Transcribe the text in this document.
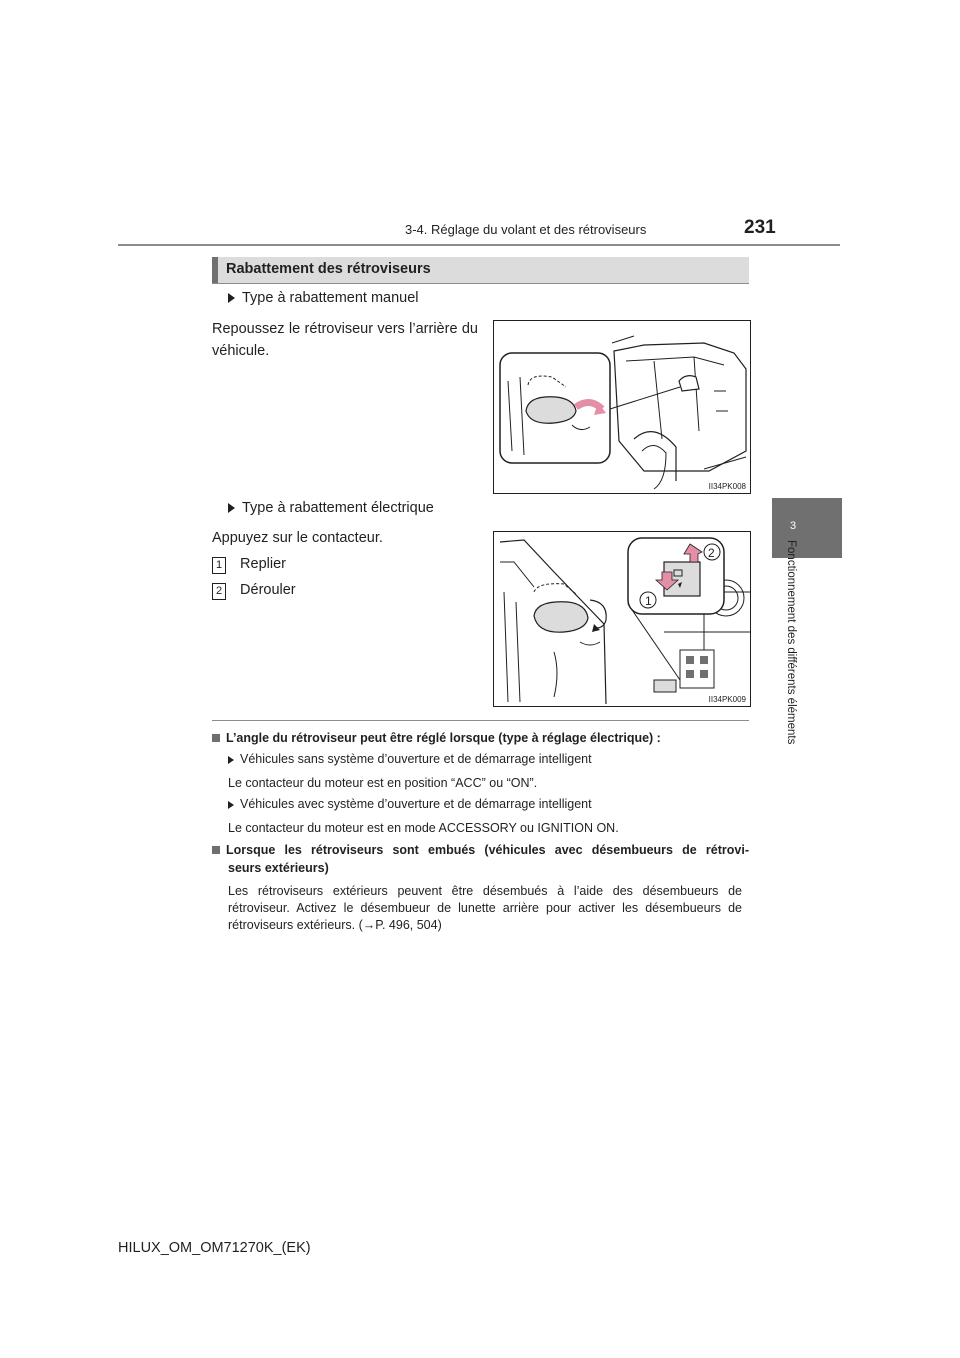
3-4. Réglage du volant et des rétroviseurs	231
3
Fonctionnement des différents éléments
Rabattement des rétroviseurs
Type à rabattement manuel
Repoussez le rétroviseur vers l’arrière du véhicule.
II34PK008
Type à rabattement électrique
Appuyez sur le contacteur.
1 Replier
2 Dérouler
1
2
II34PK009
L’angle du rétroviseur peut être réglé lorsque (type à réglage électrique) :
Véhicules sans système d’ouverture et de démarrage intelligent
Le contacteur du moteur est en position “ACC” ou “ON”.
Véhicules avec système d’ouverture et de démarrage intelligent
Le contacteur du moteur est en mode ACCESSORY ou IGNITION ON.
Lorsque les rétroviseurs sont embués (véhicules avec désembueurs de rétrovi-
seurs extérieurs)
Les rétroviseurs extérieurs peuvent être désembués à l’aide des désembueurs de
rétroviseur. Activez le désembueur de lunette arrière pour activer les désembueurs de
rétroviseurs extérieurs. (→P. 496, 504)
HILUX_OM_OM71270K_(EK)
